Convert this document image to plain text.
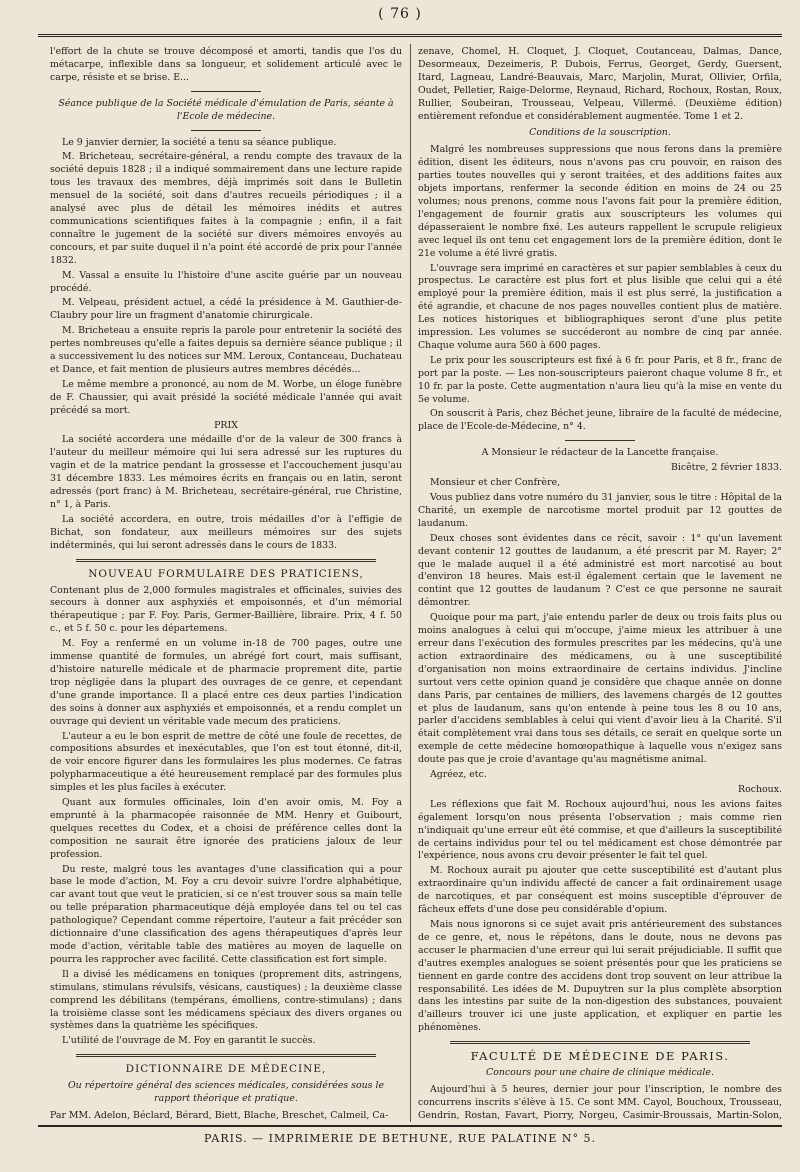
( 76 )

l'effort de la chute se trouve décomposé et amorti, tandis que l'os du métacarpe, inflexible dans sa longueur, et solidement articulé avec le carpe, résiste et se brise. E...

Séance publique de la Société médicale d'émulation de Paris, séante à l'Ecole de médecine.

Le 9 janvier dernier, la société a tenu sa séance publique.

M. Bricheteau, secrétaire-général, a rendu compte des travaux de la société depuis 1828 ; il a indiqué sommairement dans une lecture rapide tous les travaux des membres, déjà imprimés soit dans le Bulletin mensuel de la société, soit dans d'autres recueils périodiques ; il a analysé avec plus de détail les mémoires inédits et autres communications scientifiques faites à la compagnie ; enfin, il a fait connaître le jugement de la société sur divers mémoires envoyés au concours, et par suite duquel il n'a point été accordé de prix pour l'année 1832.

M. Vassal a ensuite lu l'histoire d'une ascite guérie par un nouveau procédé.

M. Velpeau, président actuel, a cédé la présidence à M. Gauthier-de-Claubry pour lire un fragment d'anatomie chirurgicale.

M. Bricheteau a ensuite repris la parole pour entretenir la société des pertes nombreuses qu'elle a faites depuis sa dernière séance publique ; il a successivement lu des notices sur MM. Leroux, Contanceau, Duchateau et Dance, et fait mention de plusieurs autres membres décédés...

Le même membre a prononcé, au nom de M. Worbe, un éloge funèbre de F. Chaussier, qui avait présidé la société médicale l'année qui avait précédé sa mort.

PRIX

La société accordera une médaille d'or de la valeur de 300 francs à l'auteur du meilleur mémoire qui lui sera adressé sur les ruptures du vagin et de la matrice pendant la grossesse et l'accouchement jusqu'au 31 décembre 1833. Les mémoires écrits en français ou en latin, seront adressés (port franc) à M. Bricheteau, secrétaire-général, rue Christine, n° 1, à Paris.

La société accordera, en outre, trois médailles d'or à l'effigie de Bichat, son fondateur, aux meilleurs mémoires sur des sujets indéterminés, qui lui seront adressés dans le cours de 1833.

NOUVEAU FORMULAIRE DES PRATICIENS,

Contenant plus de 2,000 formules magistrales et officinales, suivies des secours à donner aux asphyxiés et empoisonnés, et d'un mémorial thérapeutique ; par F. Foy. Paris, Germer-Baillière, libraire. Prix, 4 f. 50 c., et 5 f. 50 c. pour les départemens.

M. Foy a renfermé en un volume in-18 de 700 pages, outre une immense quantité de formules, un abrégé fort court, mais suffisant, d'histoire naturelle médicale et de pharmacie proprement dite, partie trop négligée dans la plupart des ouvrages de ce genre, et cependant d'une grande importance. Il a placé entre ces deux parties l'indication des soins à donner aux asphyxiés et empoisonnés, et a rendu complet un ouvrage qui devient un véritable vade mecum des praticiens.

L'auteur a eu le bon esprit de mettre de côté une foule de recettes, de compositions absurdes et inexécutables, que l'on est tout étonné, dit-il, de voir encore figurer dans les formulaires les plus modernes. Ce fatras polypharmaceutique a été heureusement remplacé par des formules plus simples et les plus faciles à exécuter.

Quant aux formules officinales, loin d'en avoir omis, M. Foy a emprunté à la pharmacopée raisonnée de MM. Henry et Guibourt, quelques recettes du Codex, et a choisi de préférence celles dont la composition ne saurait être ignorée des praticiens jaloux de leur profession.

Du reste, malgré tous les avantages d'une classification qui a pour base le mode d'action, M. Foy a cru devoir suivre l'ordre alphabétique, car avant tout que veut le praticien, si ce n'est trouver sous sa main telle ou telle préparation pharmaceutique déjà employée dans tel ou tel cas pathologique? Cependant comme répertoire, l'auteur a fait précéder son dictionnaire d'une classification des agens thérapeutiques d'après leur mode d'action, véritable table des matières au moyen de laquelle on pourra les rapprocher avec facilité. Cette classification est fort simple.

Il a divisé les médicamens en toniques (proprement dits, astringens, stimulans, stimulans révulsifs, vésicans, caustiques) ; la deuxième classe comprend les débilitans (tempérans, émolliens, contre-stimulans) ; dans la troisième classe sont les médicamens spéciaux des divers organes ou systèmes dans la quatrième les spécifiques.

L'utilité de l'ouvrage de M. Foy en garantit le succès.

DICTIONNAIRE DE MÉDECINE,

Ou répertoire général des sciences médicales, considérées sous le rapport théorique et pratique.

Par MM. Adelon, Béclard, Bérard, Biett, Blache, Breschet, Calmeil, Ca-

zenave, Chomel, H. Cloquet, J. Cloquet, Coutanceau, Dalmas, Dance, Desormeaux, Dezeimeris, P. Dubois, Ferrus, Georget, Gerdy, Guersent, Itard, Lagneau, Landré-Beauvais, Marc, Marjolin, Murat, Ollivier, Orfila, Oudet, Pelletier, Raige-Delorme, Reynaud, Richard, Rochoux, Rostan, Roux, Rullier, Soubeiran, Trousseau, Velpeau, Villermé. (Deuxième édition) entièrement refondue et considérablement augmentée. Tome 1 et 2.

Conditions de la souscription.

Malgré les nombreuses suppressions que nous ferons dans la première édition, disent les éditeurs, nous n'avons pas cru pouvoir, en raison des parties toutes nouvelles qui y seront traitées, et des additions faites aux objets importans, renfermer la seconde édition en moins de 24 ou 25 volumes; nous prenons, comme nous l'avons fait pour la première édition, l'engagement de fournir gratis aux souscripteurs les volumes qui dépasseraient le nombre fixé. Les auteurs rappellent le scrupule religieux avec lequel ils ont tenu cet engagement lors de la première édition, dont le 21e volume a été livré gratis.

L'ouvrage sera imprimé en caractères et sur papier semblables à ceux du prospectus. Le caractère est plus fort et plus lisible que celui qui a été employé pour la première édition, mais il est plus serré, la justification a été agrandie, et chacune de nos pages nouvelles contient plus de matière. Les notices historiques et bibliographiques seront d'une plus petite impression. Les volumes se succéderont au nombre de cinq par année. Chaque volume aura 560 à 600 pages.

Le prix pour les souscripteurs est fixé à 6 fr. pour Paris, et 8 fr., franc de port par la poste. — Les non-souscripteurs paieront chaque volume 8 fr., et 10 fr. par la poste. Cette augmentation n'aura lieu qu'à la mise en vente du 5e volume.

On souscrit à Paris, chez Béchet jeune, libraire de la faculté de médecine, place de l'Ecole-de-Médecine, n° 4.

A Monsieur le rédacteur de la Lancette française.

Bicêtre, 2 février 1833.

Monsieur et cher Confrère,

Vous publiez dans votre numéro du 31 janvier, sous le titre : Hôpital de la Charité, un exemple de narcotisme mortel produit par 12 gouttes de laudanum.

Deux choses sont évidentes dans ce récit, savoir : 1° qu'un lavement devant contenir 12 gouttes de laudanum, a été prescrit par M. Rayer; 2° que le malade auquel il a été administré est mort narcotisé au bout d'environ 18 heures. Mais est-il également certain que le lavement ne contint que 12 gouttes de laudanum ? C'est ce que personne ne saurait démontrer.

Quoique pour ma part, j'aie entendu parler de deux ou trois faits plus ou moins analogues à celui qui m'occupe, j'aime mieux les attribuer à une erreur dans l'exécution des formules prescrites par les médecins, qu'à une action extraordinaire des médicamens, ou à une susceptibilité d'organisation non moins extraordinaire de certains individus. J'incline surtout vers cette opinion quand je considère que chaque année on donne dans Paris, par centaines de milliers, des lavemens chargés de 12 gouttes et plus de laudanum, sans qu'on entende à peine tous les 8 ou 10 ans, parler d'accidens semblables à celui qui vient d'avoir lieu à la Charité. S'il était complètement vrai dans tous ses détails, ce serait en quelque sorte un exemple de cette médecine homœopathique à laquelle vous n'exigez sans doute pas que je croie d'avantage qu'au magnétisme animal.

Agréez, etc.

Rochoux.

Les réflexions que fait M. Rochoux aujourd'hui, nous les avions faites également lorsqu'on nous présenta l'observation ; mais comme rien n'indiquait qu'une erreur eût été commise, et que d'ailleurs la susceptibilité de certains individus pour tel ou tel médicament est chose démontrée par l'expérience, nous avons cru devoir présenter le fait tel quel.

M. Rochoux aurait pu ajouter que cette susceptibilité est d'autant plus extraordinaire qu'un individu affecté de cancer a fait ordinairement usage de narcotiques, et par conséquent est moins susceptible d'éprouver de fâcheux effets d'une dose peu considérable d'opium.

Mais nous ignorons si ce sujet avait pris antérieurement des substances de ce genre, et, nous le répétons, dans le doute, nous ne devons pas accuser le pharmacien d'une erreur qui lui serait préjudiciable. Il suffit que d'autres exemples analogues se soient présentés pour que les praticiens se tiennent en garde contre des accidens dont trop souvent on leur attribue la responsabilité. Les idées de M. Dupuytren sur la plus complète absorption dans les intestins par suite de la non-digestion des substances, pouvaient d'ailleurs trouver ici une juste application, et expliquer en partie les phénomènes.

FACULTÉ DE MÉDECINE DE PARIS.

Concours pour une chaire de clinique médicale.

Aujourd'hui à 5 heures, dernier jour pour l'inscription, le nombre des concurrens inscrits s'élève à 15. Ce sont MM. Cayol, Bouchoux, Trousseau, Gendrin, Rostan, Favart, Piorry, Norgeu, Casimir-Broussais, Martin-Solon,

PARIS. — IMPRIMERIE DE BETHUNE, RUE PALATINE N° 5.
